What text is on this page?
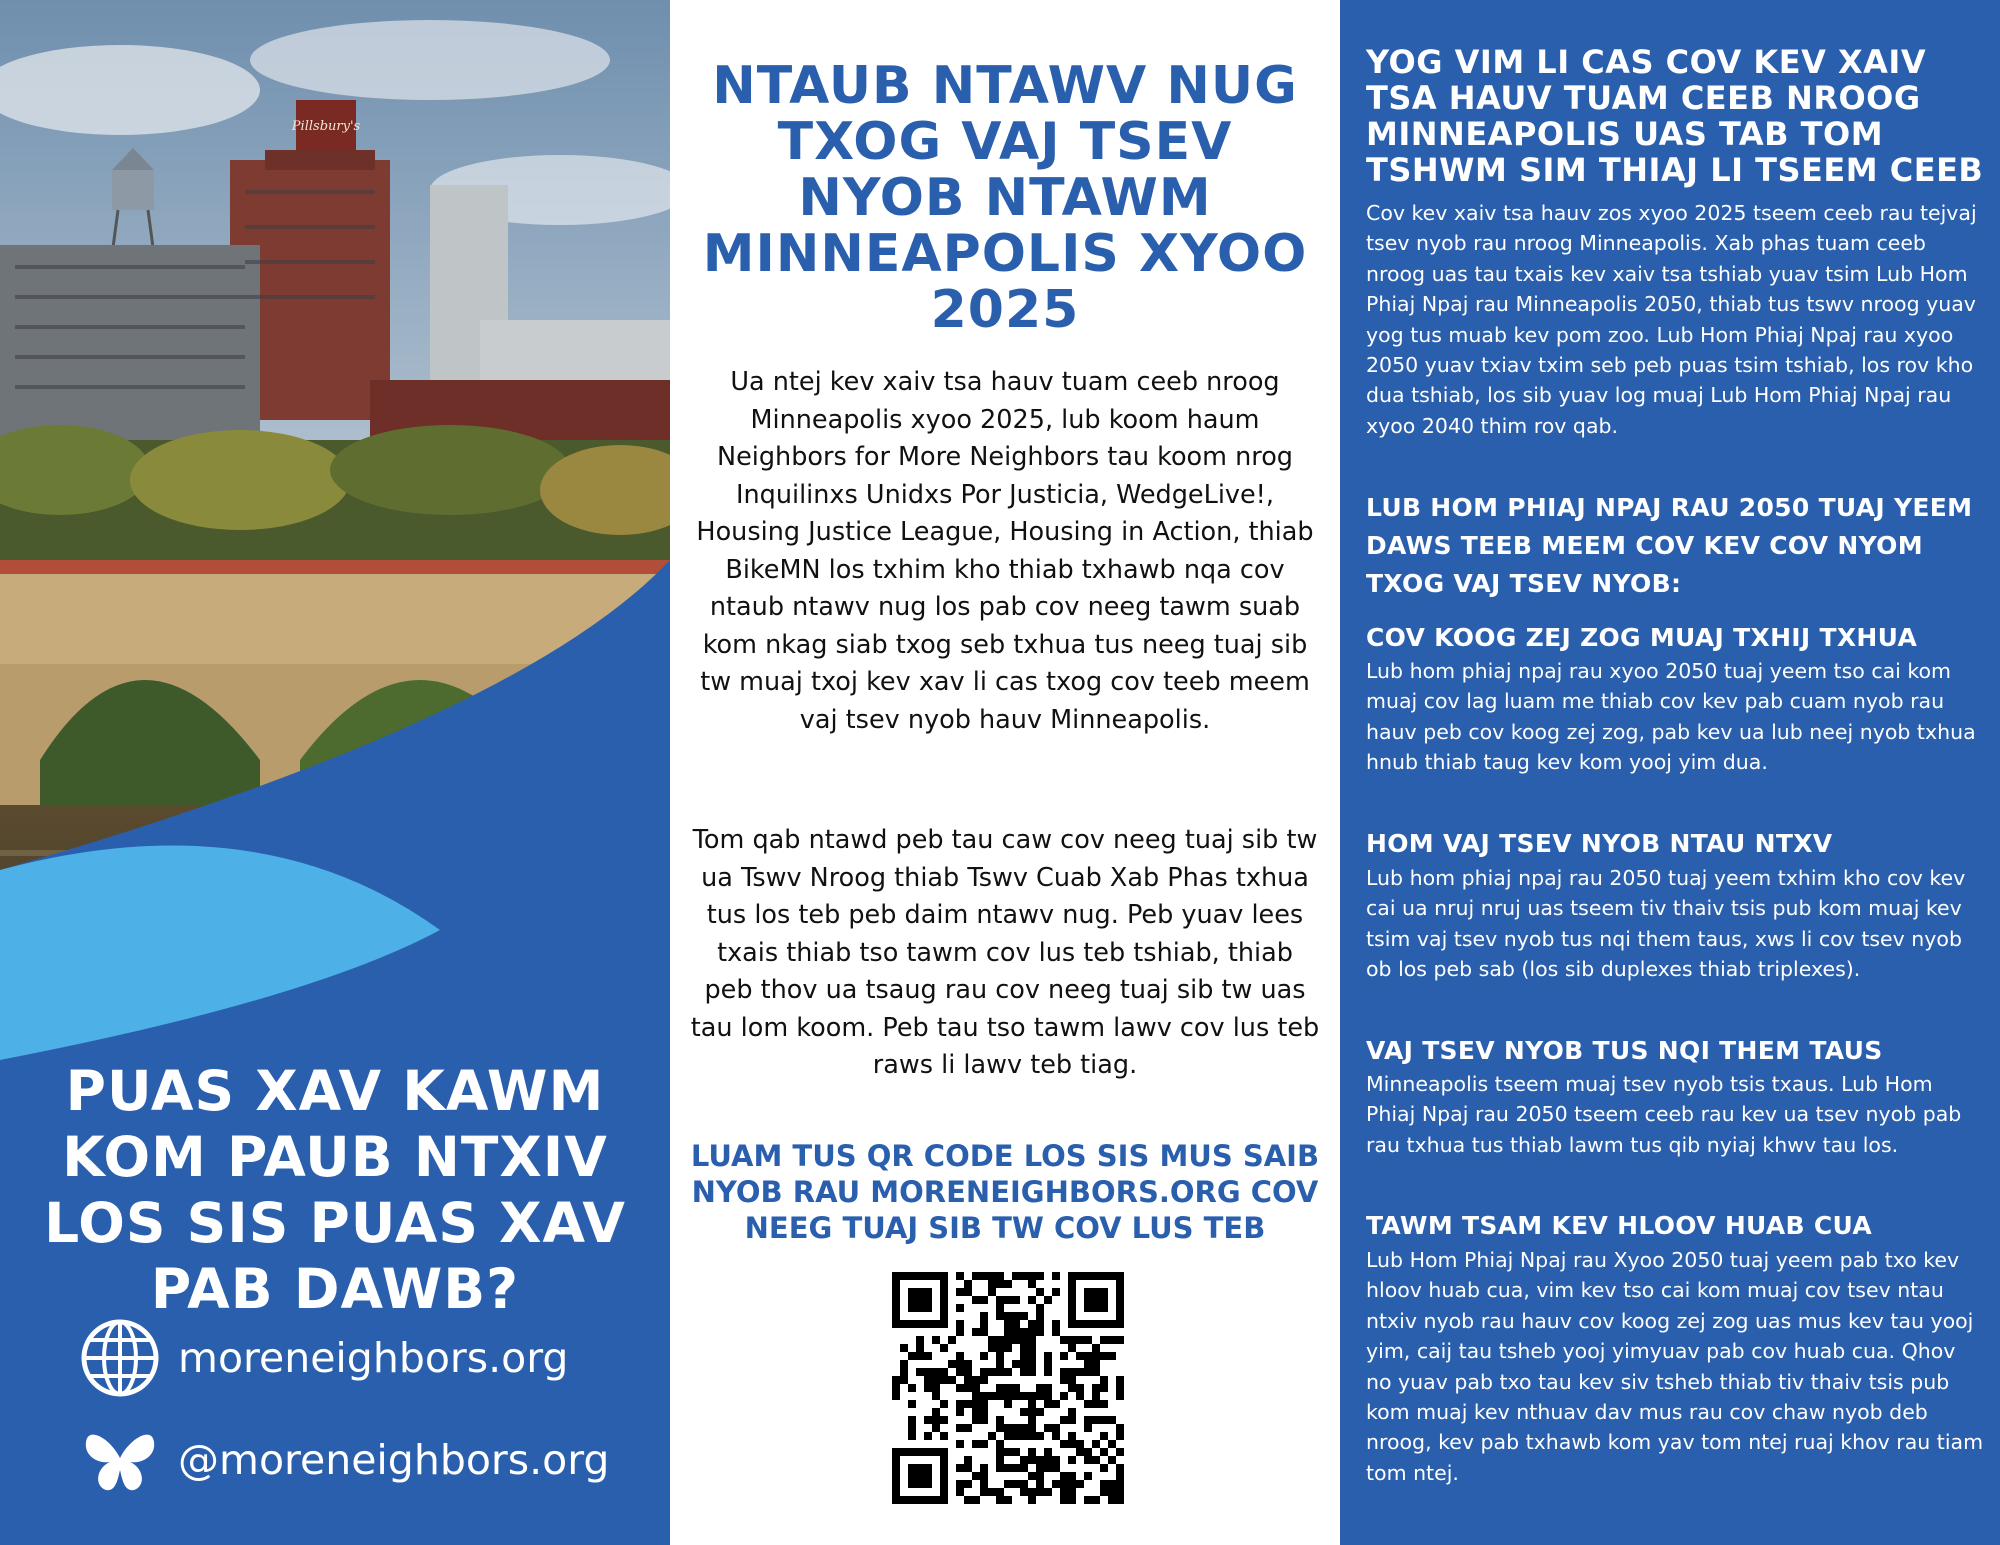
Pillsbury's
PUAS XAV KAWM KOM PAUB NTXIV LOS SIS PUAS XAV PAB DAWB?
moreneighbors.org
@moreneighbors.org
NTAUB NTAWV NUG TXOG VAJ TSEV NYOB NTAWM MINNEAPOLIS XYOO 2025
Ua ntej kev xaiv tsa hauv tuam ceeb nroog Minneapolis xyoo 2025, lub koom haum Neighbors for More Neighbors tau koom nrog Inquilinxs Unidxs Por Justicia, WedgeLive!, Housing Justice League, Housing in Action, thiab BikeMN los txhim kho thiab txhawb nqa cov ntaub ntawv nug los pab cov neeg tawm suab kom nkag siab txog seb txhua tus neeg tuaj sib tw muaj txoj kev xav li cas txog cov teeb meem vaj tsev nyob hauv Minneapolis.
Tom qab ntawd peb tau caw cov neeg tuaj sib tw ua Tswv Nroog thiab Tswv Cuab Xab Phas txhua tus los teb peb daim ntawv nug. Peb yuav lees txais thiab tso tawm cov lus teb tshiab, thiab peb thov ua tsaug rau cov neeg tuaj sib tw uas tau lom koom. Peb tau tso tawm lawv cov lus teb raws li lawv teb tiag.
LUAM TUS QR CODE LOS SIS MUS SAIB NYOB RAU MORENEIGHBORS.ORG COV NEEG TUAJ SIB TW COV LUS TEB
YOG VIM LI CAS COV KEV XAIV TSA HAUV TUAM CEEB NROOG MINNEAPOLIS UAS TAB TOM TSHWM SIM THIAJ LI TSEEM CEEB
Cov kev xaiv tsa hauv zos xyoo 2025 tseem ceeb rau tejvaj tsev nyob rau nroog Minneapolis. Xab phas tuam ceeb nroog uas tau txais kev xaiv tsa tshiab yuav tsim Lub Hom Phiaj Npaj rau Minneapolis 2050, thiab tus tswv nroog yuav yog tus muab kev pom zoo. Lub Hom Phiaj Npaj rau xyoo 2050 yuav txiav txim seb peb puas tsim tshiab, los rov kho dua tshiab, los sib yuav log muaj Lub Hom Phiaj Npaj rau xyoo 2040 thim rov qab.
LUB HOM PHIAJ NPAJ RAU 2050 TUAJ YEEM DAWS TEEB MEEM COV KEV COV NYOM TXOG VAJ TSEV NYOB:
COV KOOG ZEJ ZOG MUAJ TXHIJ TXHUA
Lub hom phiaj npaj rau xyoo 2050 tuaj yeem tso cai kom muaj cov lag luam me thiab cov kev pab cuam nyob rau hauv peb cov koog zej zog, pab kev ua lub neej nyob txhua hnub thiab taug kev kom yooj yim dua.
HOM VAJ TSEV NYOB NTAU NTXV
Lub hom phiaj npaj rau 2050 tuaj yeem txhim kho cov kev cai ua nruj nruj uas tseem tiv thaiv tsis pub kom muaj kev tsim vaj tsev nyob tus nqi them taus, xws li cov tsev nyob ob los peb sab (los sib duplexes thiab triplexes).
VAJ TSEV NYOB TUS NQI THEM TAUS
Minneapolis tseem muaj tsev nyob tsis txaus. Lub Hom Phiaj Npaj rau 2050 tseem ceeb rau kev ua tsev nyob pab rau txhua tus thiab lawm tus qib nyiaj khwv tau los.
TAWM TSAM KEV HLOOV HUAB CUA
Lub Hom Phiaj Npaj rau Xyoo 2050 tuaj yeem pab txo kev hloov huab cua, vim kev tso cai kom muaj cov tsev ntau ntxiv nyob rau hauv cov koog zej zog uas mus kev tau yooj yim, caij tau tsheb yooj yimyuav pab cov huab cua. Qhov no yuav pab txo tau kev siv tsheb thiab tiv thaiv tsis pub kom muaj kev nthuav dav mus rau cov chaw nyob deb nroog, kev pab txhawb kom yav tom ntej ruaj khov rau tiam tom ntej.
